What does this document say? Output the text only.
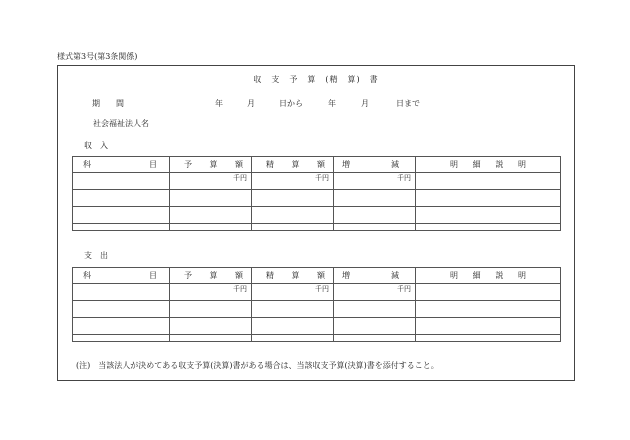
様式第3号(第3条関係)
収　支　予　算　(精　算)　書
期　　間	年	月	日から	年	月	日まで
社会福祉法人名
収　入
科 目	予 算 額	精 算 額	増 減	明 細 説 明

	千円	千円	千円	

支　出
科 目	予 算 額	精 算 額	増 減	明 細 説 明

	千円	千円	千円	

(注)　当該法人が決めてある収支予算(決算)書がある場合は、当該収支予算(決算)書を添付すること。
